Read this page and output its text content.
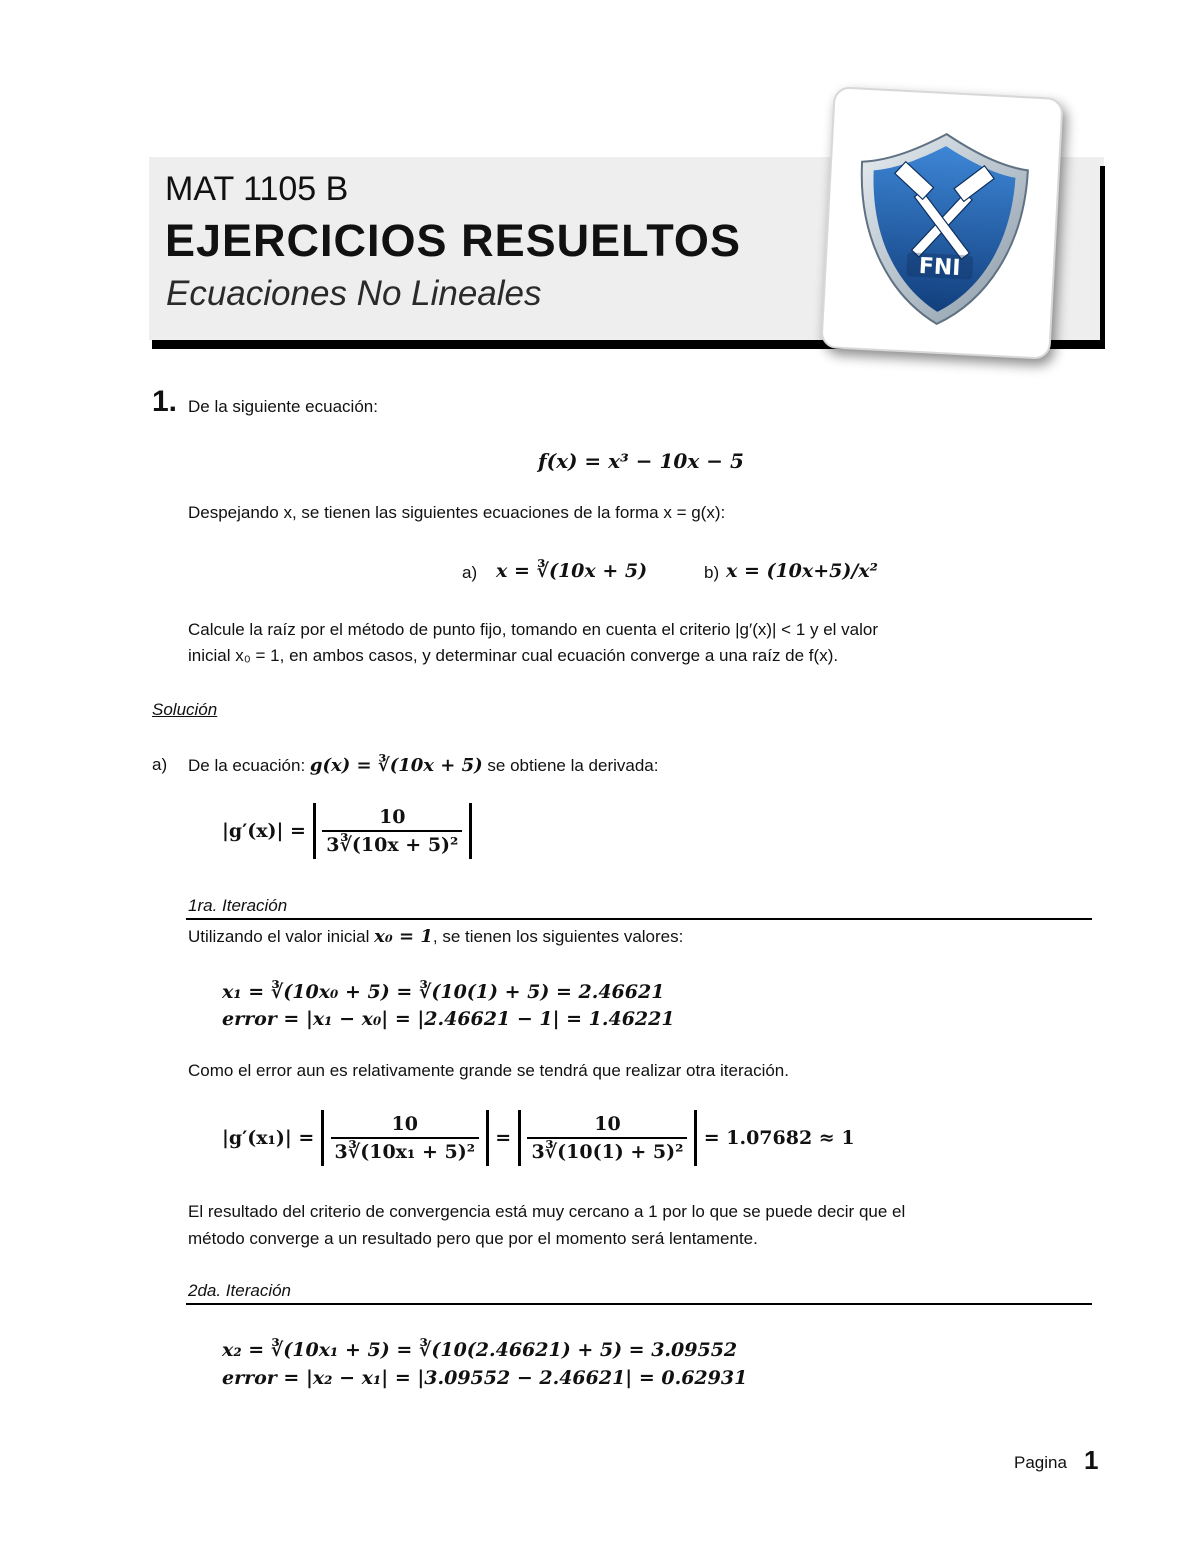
MAT 1105 B
EJERCICIOS RESUELTOS
Ecuaciones No Lineales
FNI
1. De la siguiente ecuación:
f(x) = x³ − 10x − 5
Despejando x, se tienen las siguientes ecuaciones de la forma x = g(x):
a) x = ∛(10x + 5)	b) x = (10x+5)/x²
Calcule la raíz por el método de punto fijo, tomando en cuenta el criterio |g′(x)| < 1 y el valor
inicial x₀ = 1, en ambos casos, y determinar cual ecuación converge a una raíz de f(x).
Solución
a) De la ecuación: g(x) = ∛(10x + 5) se obtiene la derivada:
$|g'(x)| = \frac{10}{\text{3∛(10x + 5)²}}$

1ra. Iteración
Utilizando el valor inicial x₀ = 1, se tienen los siguientes valores:
x₁ = ∛(10x₀ + 5) = ∛(10(1) + 5) = 2.46621
error = |x₁ − x₀| = |2.46621 − 1| = 1.46221
Como el error aun es relativamente grande se tendrá que realizar otra iteración.
$|g'(x_1)| = \frac{10}{\text{3∛(10x₁ + 5)²}} = \frac{10}{\text{3∛(10(1) + 5)²}} = 1.07682 \approx 1$
El resultado del criterio de convergencia está muy cercano a 1 por lo que se puede decir que el
método converge a un resultado pero que por el momento será lentamente.
2da. Iteración
x₂ = ∛(10x₁ + 5) = ∛(10(2.46621) + 5) = 3.09552
error = |x₂ − x₁| = |3.09552 − 2.46621| = 0.62931
Pagina 1
